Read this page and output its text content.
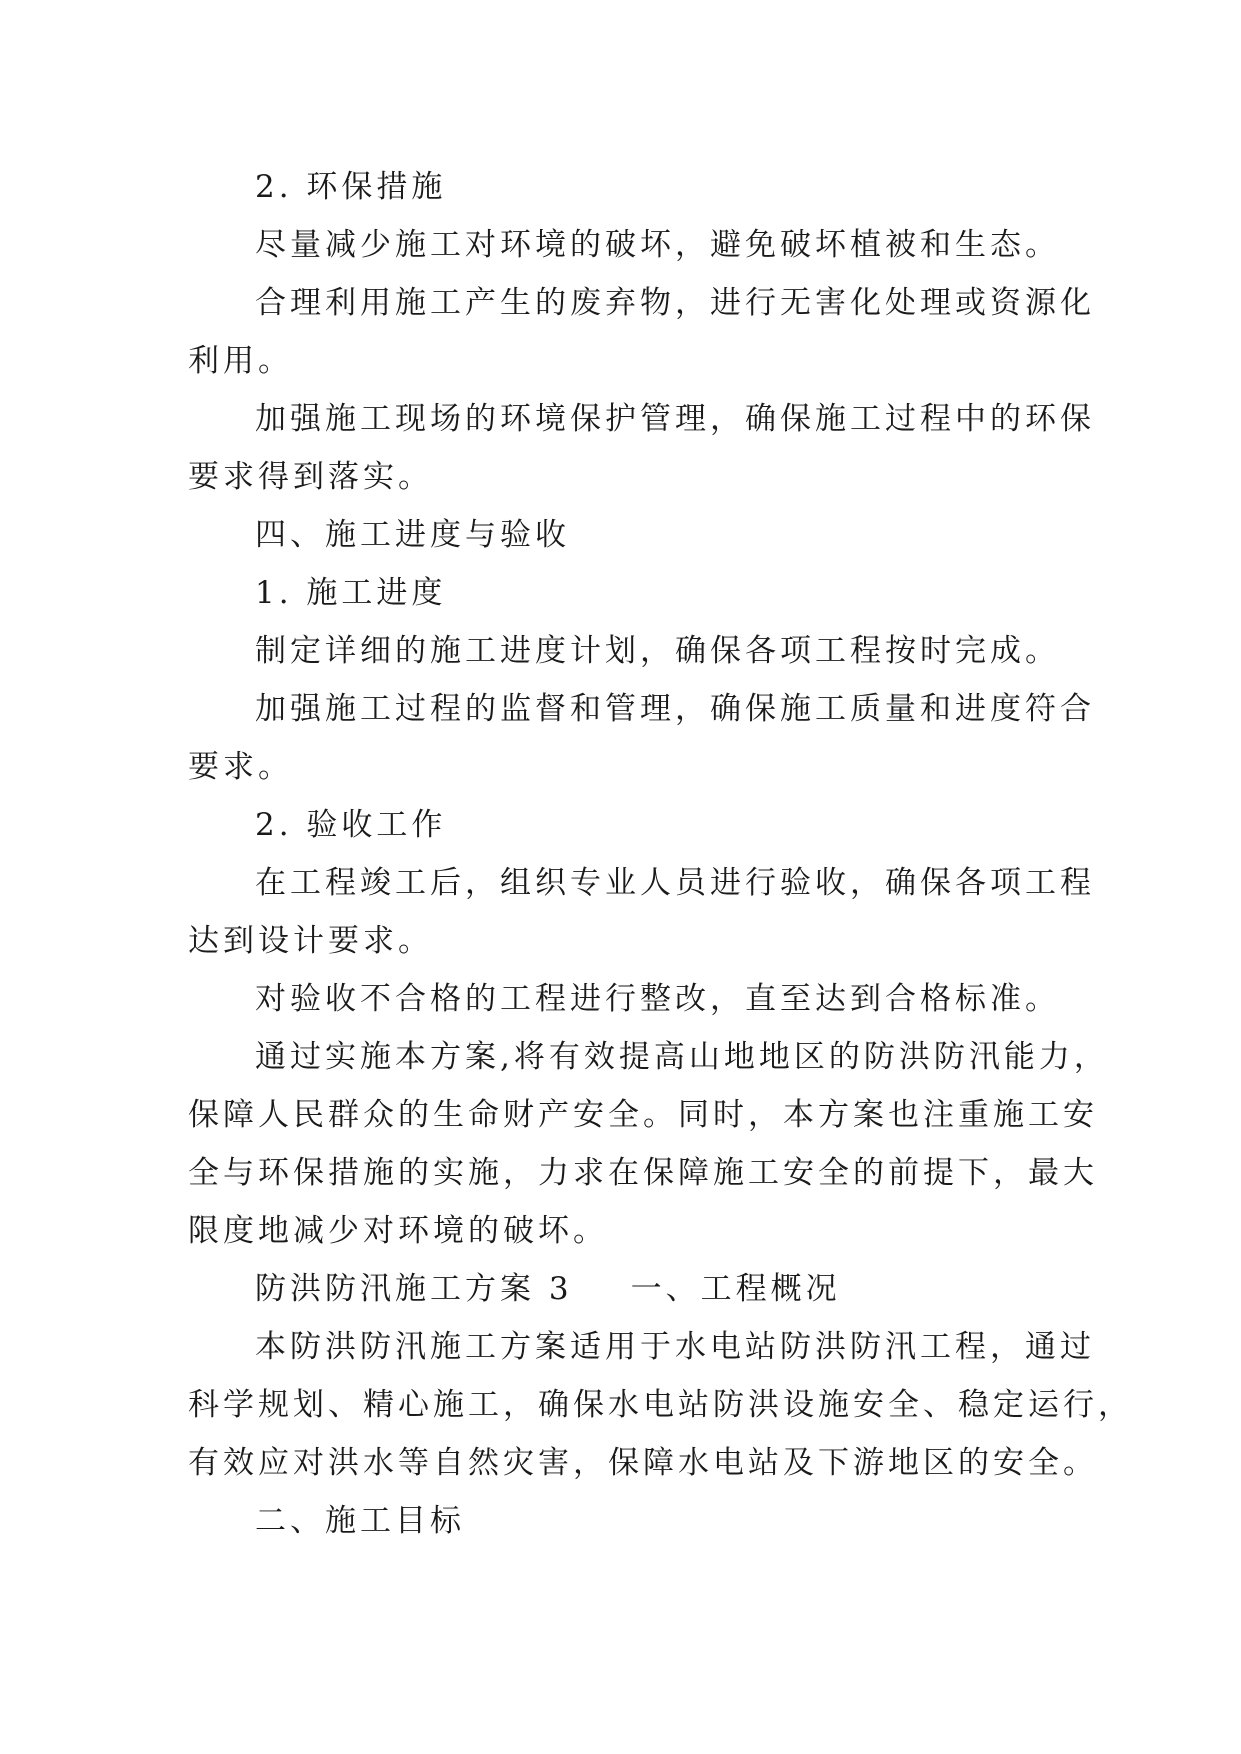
2. 环保措施
尽量减少施工对环境的破坏，避免破坏植被和生态。
合理利用施工产生的废弃物，进行无害化处理或资源化
利用。
加强施工现场的环境保护管理，确保施工过程中的环保
要求得到落实。
四、施工进度与验收
1. 施工进度
制定详细的施工进度计划，确保各项工程按时完成。
加强施工过程的监督和管理，确保施工质量和进度符合
要求。
2. 验收工作
在工程竣工后，组织专业人员进行验收，确保各项工程
达到设计要求。
对验收不合格的工程进行整改，直至达到合格标准。
通过实施本方案,将有效提高山地地区的防洪防汛能力，
保障人民群众的生命财产安全。同时，本方案也注重施工安
全与环保措施的实施，力求在保障施工安全的前提下，最大
限度地减少对环境的破坏。
防洪防汛施工方案 3 一、工程概况
本防洪防汛施工方案适用于水电站防洪防汛工程，通过
科学规划、精心施工，确保水电站防洪设施安全、稳定运行，
有效应对洪水等自然灾害，保障水电站及下游地区的安全。
二、施工目标
